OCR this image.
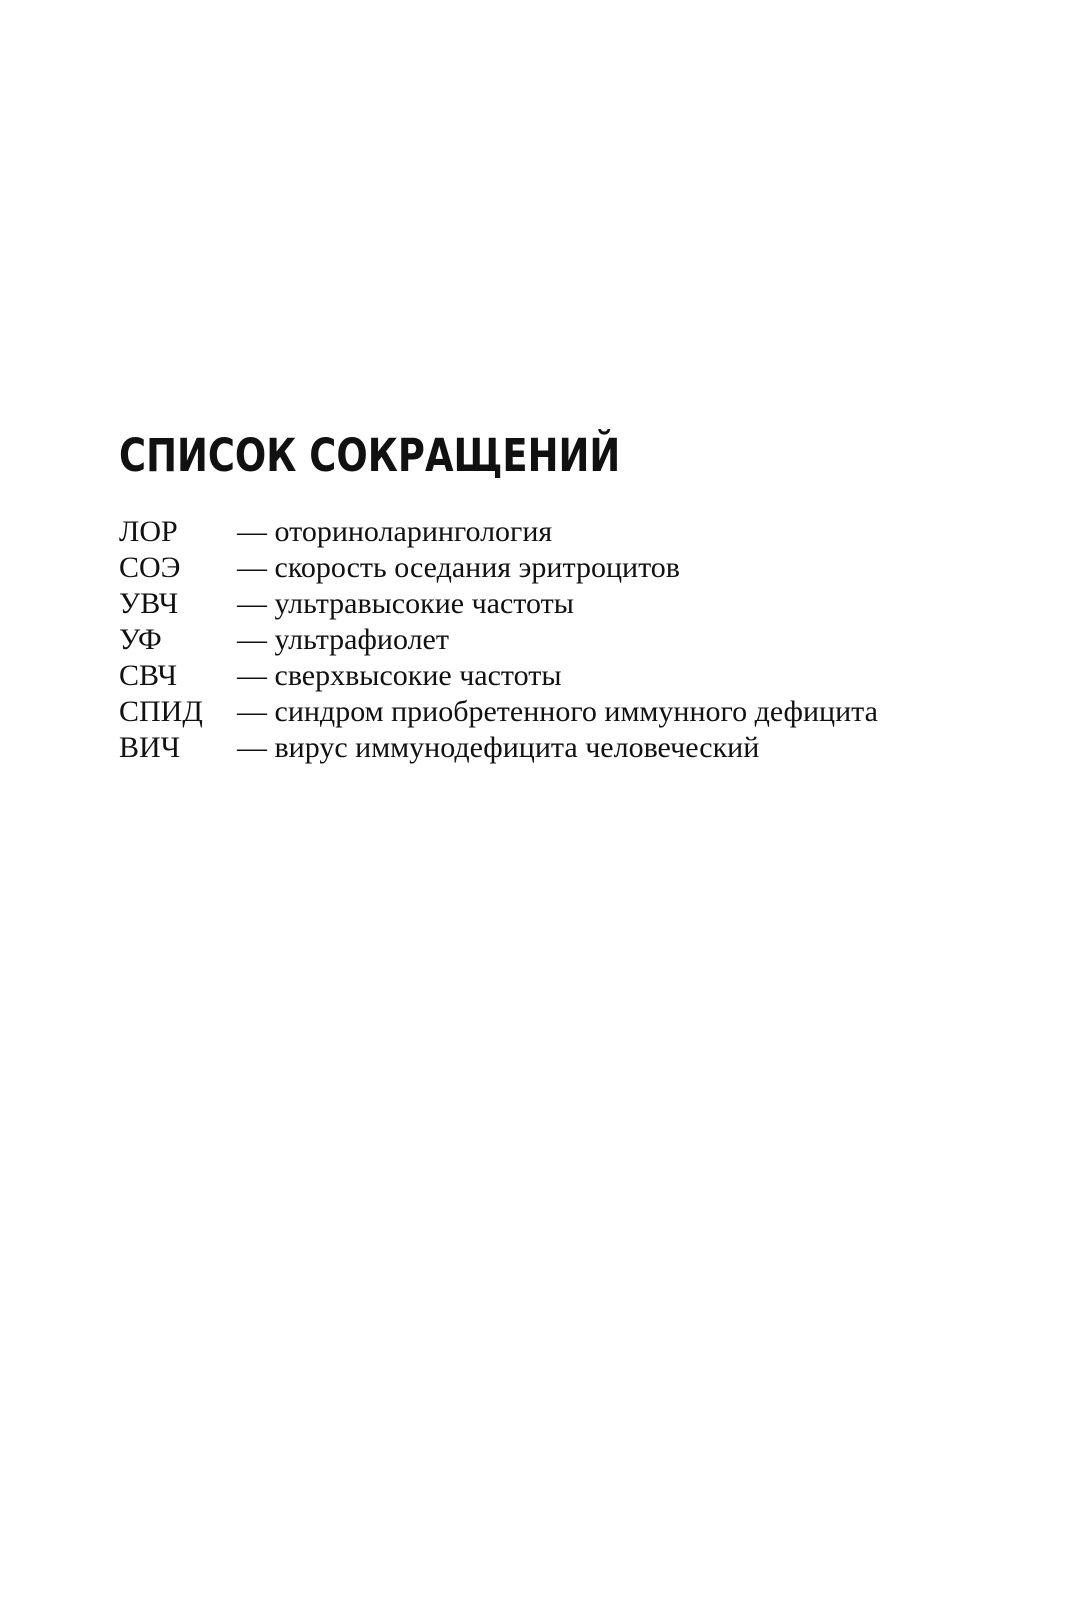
СПИСОК СОКРАЩЕНИЙ
ЛОР	— оториноларингология
СОЭ	— скорость оседания эритроцитов
УВЧ	— ультравысокие частоты
УФ	— ультрафиолет
СВЧ	— сверхвысокие частоты
СПИД	— синдром приобретенного иммунного дефицита
ВИЧ	— вирус иммунодефицита человеческий
